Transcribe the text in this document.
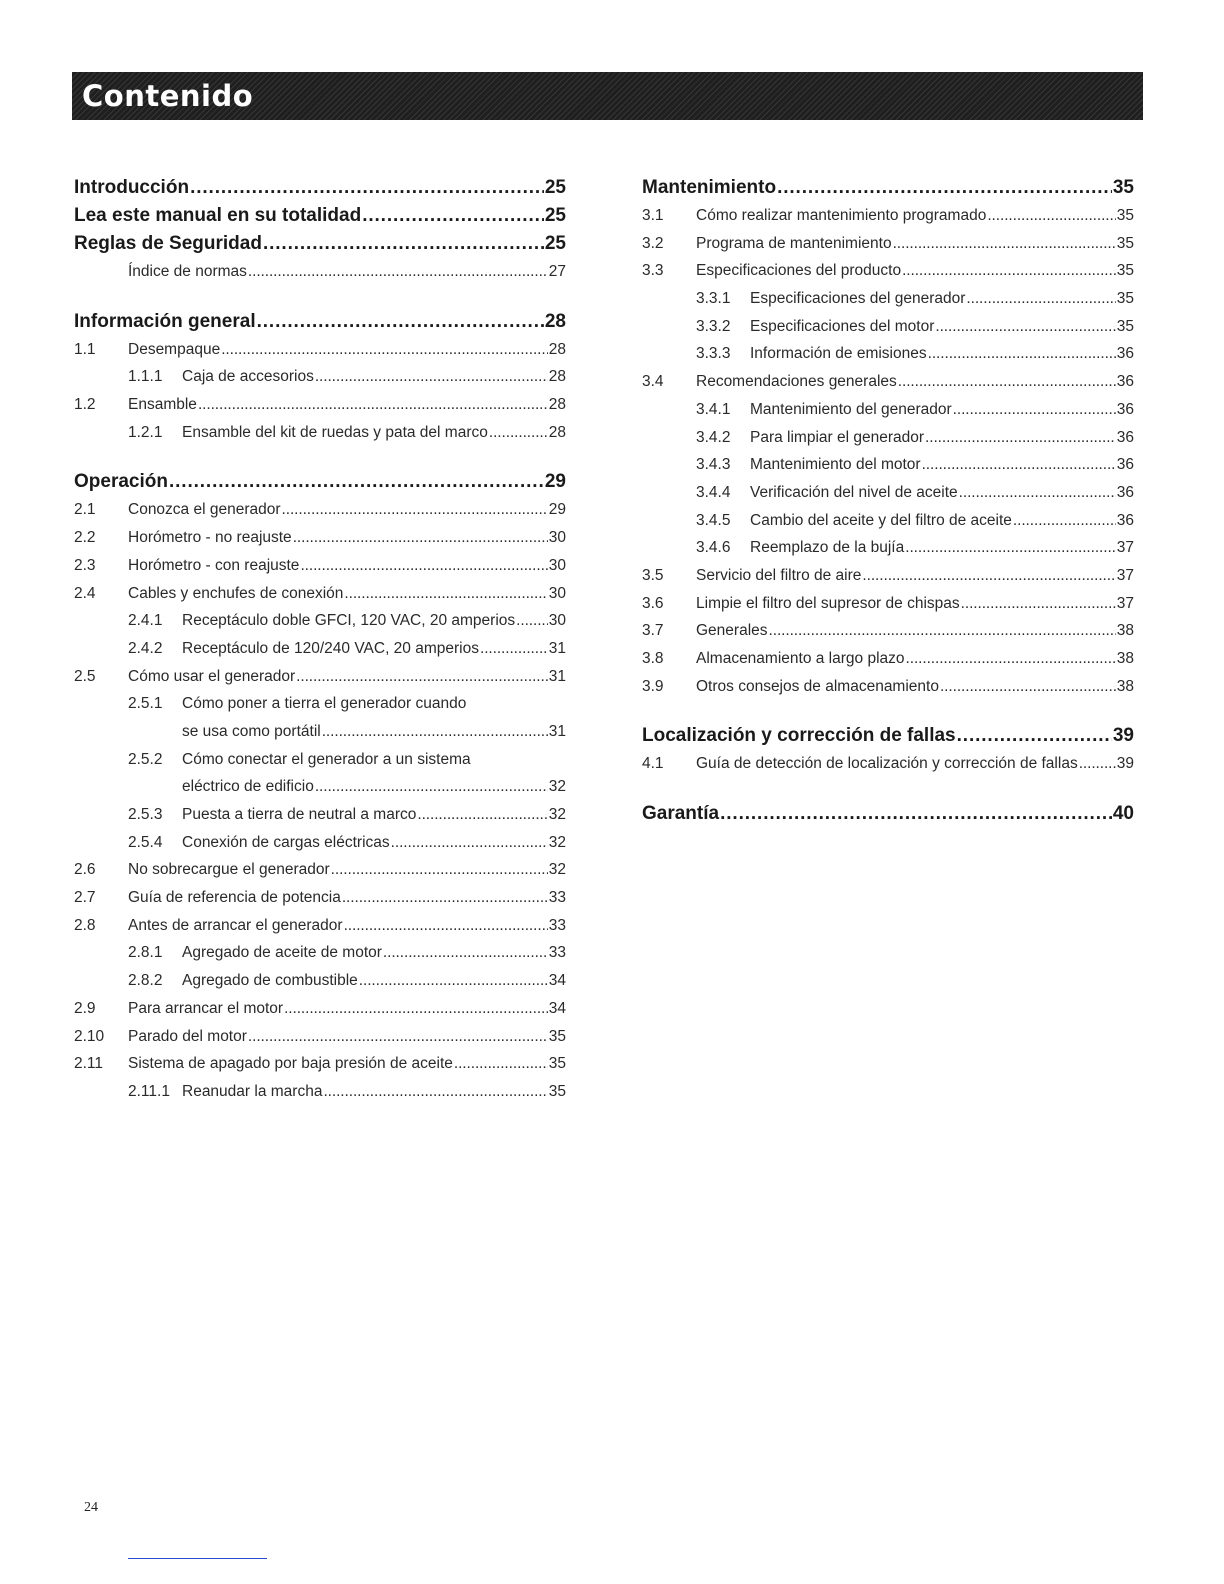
Contenido
Introducción . . .	25
Lea este manual en su totalidad . . .	25
Reglas de Seguridad . . .	25
Índice de normas . . .	27
Información general . . .	28
1.1	Desempaque . . .	28
1.1.1	Caja de accesorios . . .	28
1.2	Ensamble . . .	28
1.2.1	Ensamble del kit de ruedas y pata del marco . . .	28
Operación . . .	29
2.1	Conozca el generador . . .	29
2.2	Horómetro - no reajuste . . .	30
2.3	Horómetro - con reajuste . . .	30
2.4	Cables y enchufes de conexión . . .	30
2.4.1	Receptáculo doble GFCI, 120 VAC, 20 amperios . . . 30
2.4.2	Receptáculo de 120/240 VAC, 20 amperios . . .	31
2.5	Cómo usar el generador . . .	31
2.5.1	Cómo poner a tierra el generador cuando
se usa como portátil . . .	31
2.5.2	Cómo conectar el generador a un sistema
eléctrico de edificio . . .	32
2.5.3	Puesta a tierra de neutral a marco . . .	32
2.5.4	Conexión de cargas eléctricas . . .	32
2.6	No sobrecargue el generador . . .	32
2.7	Guía de referencia de potencia . . .	33
2.8	Antes de arrancar el generador . . .	33
2.8.1	Agregado de aceite de motor . . .	33
2.8.2	Agregado de combustible . . .	34
2.9	Para arrancar el motor . . .	34
2.10	Parado del motor . . .	35
2.11	Sistema de apagado por baja presión de aceite . . .	35
2.11.1 Reanudar la marcha . . .	35
Mantenimiento . . .	35
3.1	Cómo realizar mantenimiento programado . . .	35
3.2	Programa de mantenimiento . . .	35
3.3	Especificaciones del producto . . .	35
3.3.1	Especificaciones del generador . . .	35
3.3.2	Especificaciones del motor . . .	35
3.3.3	Información de emisiones . . .	36
3.4	Recomendaciones generales . . .	36
3.4.1	Mantenimiento del generador . . .	36
3.4.2	Para limpiar el generador . . .	36
3.4.3	Mantenimiento del motor . . .	36
3.4.4	Verificación del nivel de aceite . . .	36
3.4.5	Cambio del aceite y del filtro de aceite . . .	36
3.4.6	Reemplazo de la bujía . . .	37
3.5	Servicio del filtro de aire . . .	37
3.6	Limpie el filtro del supresor de chispas . . .	37
3.7	Generales . . .	38
3.8	Almacenamiento a largo plazo . . .	38
3.9	Otros consejos de almacenamiento . . .	38
Localización y corrección de fallas . . .	39
4.1	Guía de detección de localización y corrección de fallas . . .	39
Garantía . . .	40
24
